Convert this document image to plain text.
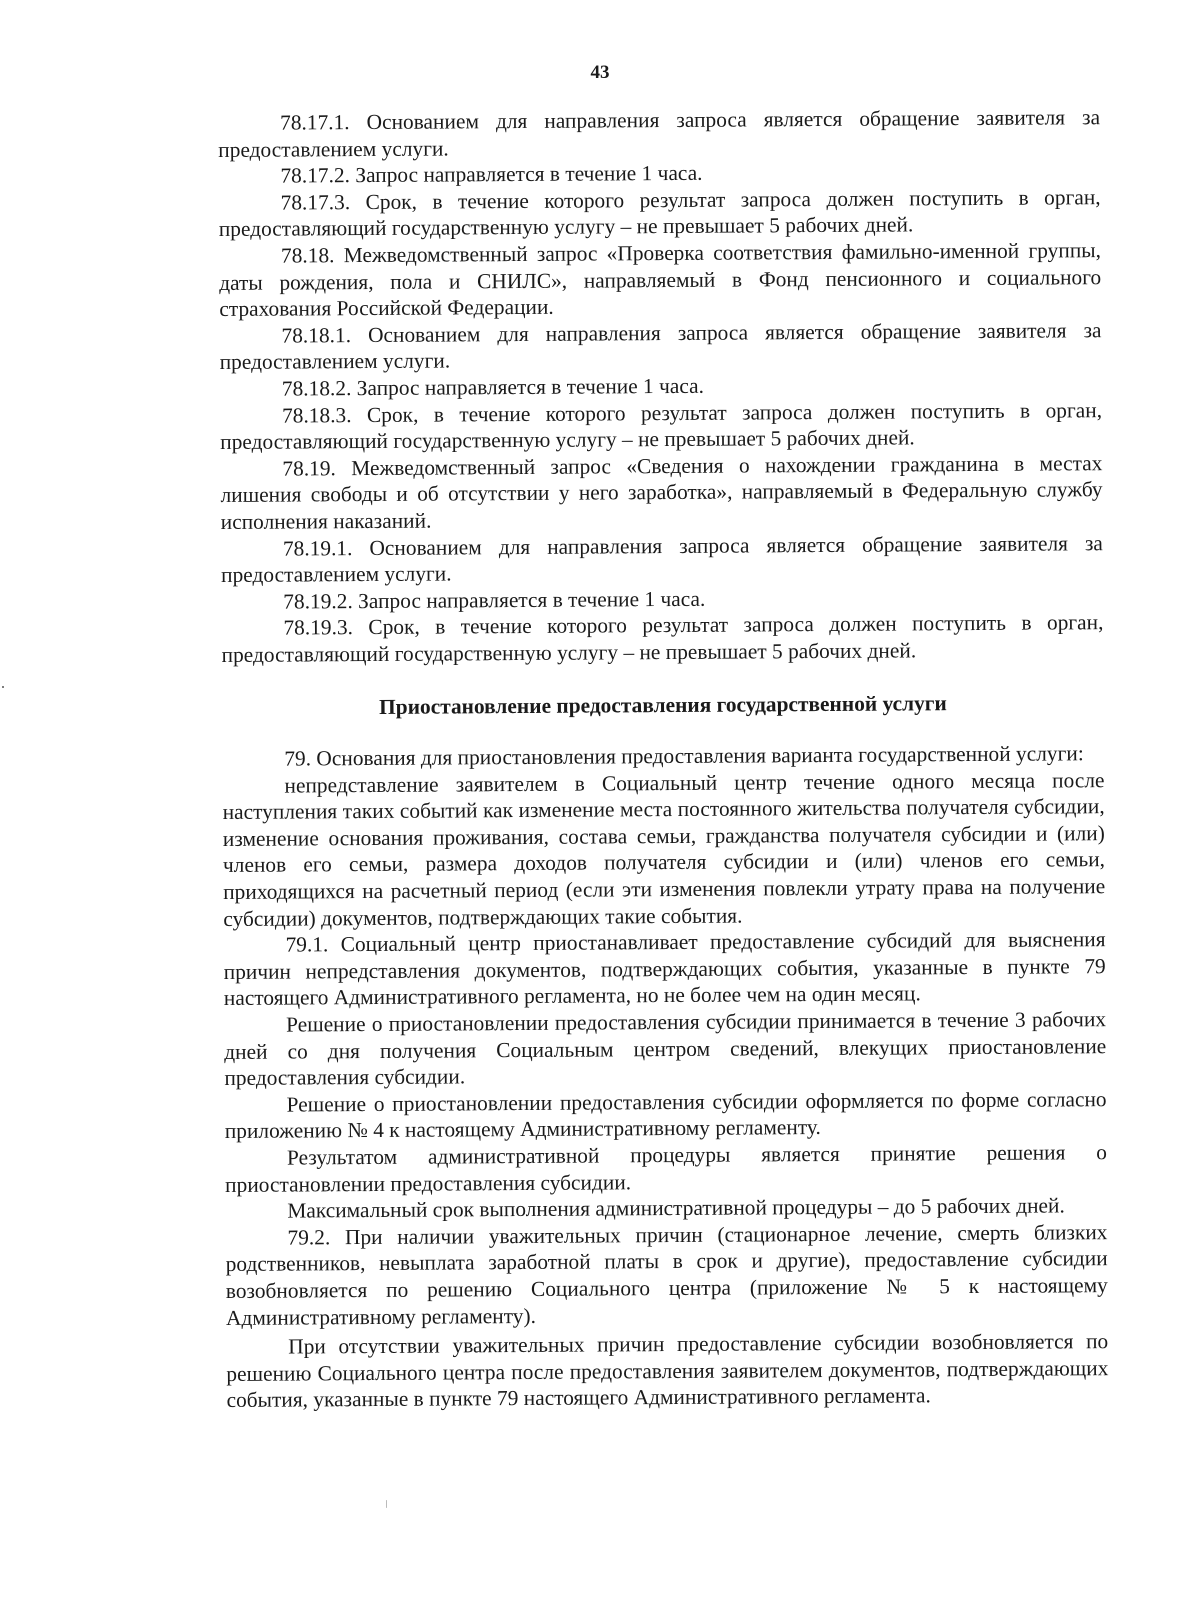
43

78.17.1. Основанием для направления запроса является обращение заявителя за предоставлением услуги.

78.17.2. Запрос направляется в течение 1 часа.

78.17.3. Срок, в течение которого результат запроса должен поступить в орган, предоставляющий государственную услугу – не превышает 5 рабочих дней.

78.18. Межведомственный запрос «Проверка соответствия фамильно-именной группы, даты рождения, пола и СНИЛС», направляемый в Фонд пенсионного и социального страхования Российской Федерации.

78.18.1. Основанием для направления запроса является обращение заявителя за предоставлением услуги.

78.18.2. Запрос направляется в течение 1 часа.

78.18.3. Срок, в течение которого результат запроса должен поступить в орган, предоставляющий государственную услугу – не превышает 5 рабочих дней.

78.19. Межведомственный запрос «Сведения о нахождении гражданина в местах лишения свободы и об отсутствии у него заработка», направляемый в Федеральную службу исполнения наказаний.

78.19.1. Основанием для направления запроса является обращение заявителя за предоставлением услуги.

78.19.2. Запрос направляется в течение 1 часа.

78.19.3. Срок, в течение которого результат запроса должен поступить в орган, предоставляющий государственную услугу – не превышает 5 рабочих дней.

Приостановление предоставления государственной услуги

79. Основания для приостановления предоставления варианта государственной услуги:

непредставление заявителем в Социальный центр течение одного месяца после наступления таких событий как изменение места постоянного жительства получателя субсидии, изменение основания проживания, состава семьи, гражданства получателя субсидии и (или) членов его семьи, размера доходов получателя субсидии и (или) членов его семьи, приходящихся на расчетный период (если эти изменения повлекли утрату права на получение субсидии) документов, подтверждающих такие события.

79.1. Социальный центр приостанавливает предоставление субсидий для выяснения причин непредставления документов, подтверждающих события, указанные в пункте 79 настоящего Административного регламента, но не более чем на один месяц.

Решение о приостановлении предоставления субсидии принимается в течение 3 рабочих дней со дня получения Социальным центром сведений, влекущих приостановление предоставления субсидии.

Решение о приостановлении предоставления субсидии оформляется по форме согласно приложению № 4 к настоящему Административному регламенту.

Результатом административной процедуры является принятие решения о приостановлении предоставления субсидии.

Максимальный срок выполнения административной процедуры – до 5 рабочих дней.

79.2. При наличии уважительных причин (стационарное лечение, смерть близких родственников, невыплата заработной платы в срок и другие), предоставление субсидии возобновляется по решению Социального центра (приложение № 5 к настоящему Административному регламенту).

При отсутствии уважительных причин предоставление субсидии возобновляется по решению Социального центра после предоставления заявителем документов, подтверждающих события, указанные в пункте 79 настоящего Административного регламента.
